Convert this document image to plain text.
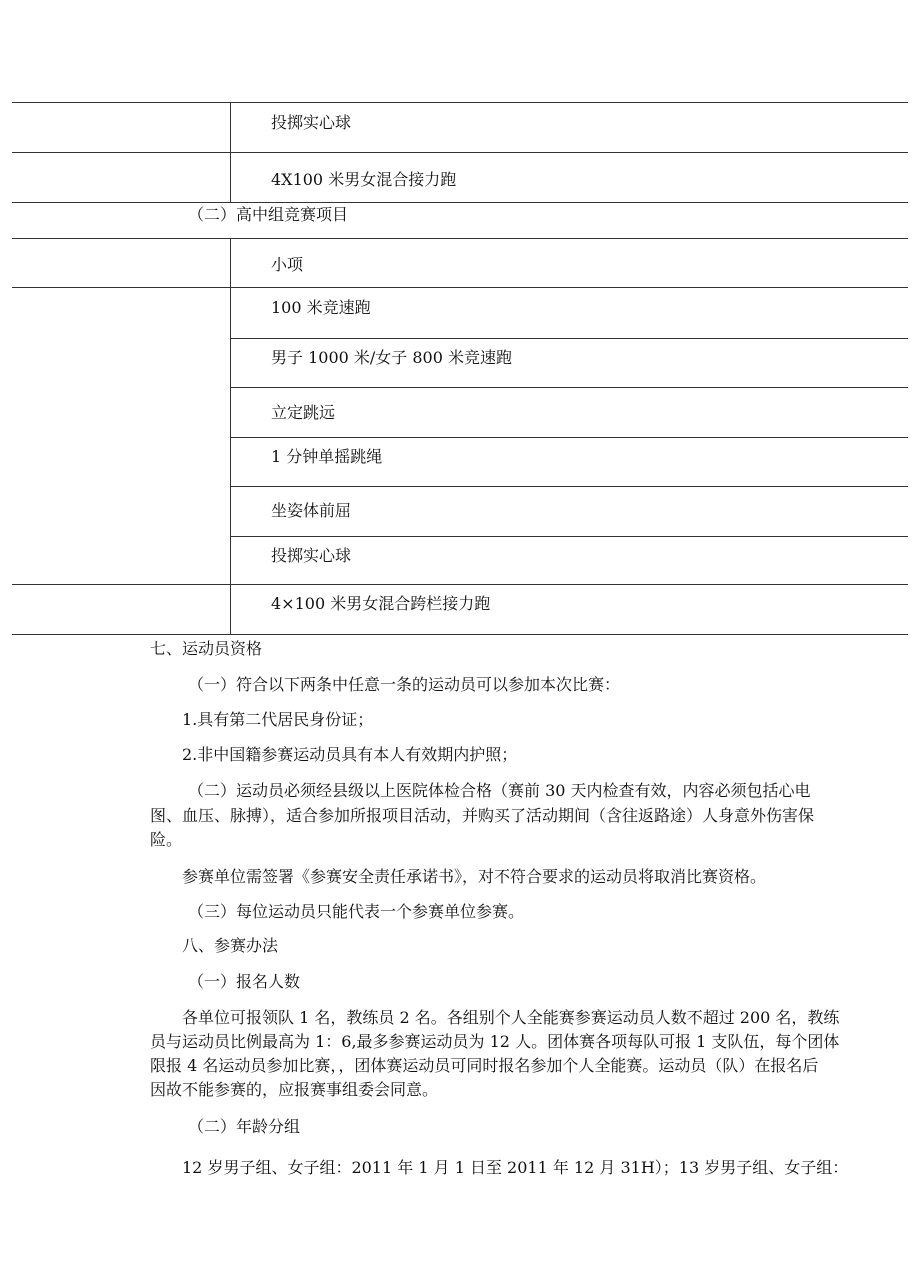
投掷实心球
4X100 米男女混合接力跑
（二）高中组竞赛项目
小项
100 米竞速跑
男子 1000 米/女子 800 米竞速跑
立定跳远
1 分钟单摇跳绳
坐姿体前屈
投掷实心球
4×100 米男女混合跨栏接力跑
七、运动员资格
（一）符合以下两条中任意一条的运动员可以参加本次比赛：
1.具有第二代居民身份证；
2.非中国籍参赛运动员具有本人有效期内护照；
（二）运动员必须经县级以上医院体检合格（赛前 30 天内检查有效，内容必须包括心电
图、血压、脉搏），适合参加所报项目活动，并购买了活动期间（含往返路途）人身意外伤害保
险。
参赛单位需签署《参赛安全责任承诺书》，对不符合要求的运动员将取消比赛资格。
（三）每位运动员只能代表一个参赛单位参赛。
八、参赛办法
（一）报名人数
各单位可报领队 1 名，教练员 2 名。各组别个人全能赛参赛运动员人数不超过 200 名，教练
员与运动员比例最高为 1：6,最多参赛运动员为 12 人。团体赛各项每队可报 1 支队伍，每个团体
限报 4 名运动员参加比赛，，团体赛运动员可同时报名参加个人全能赛。运动员（队）在报名后
因故不能参赛的，应报赛事组委会同意。
（二）年龄分组
12 岁男子组、女子组：2011 年 1 月 1 日至 2011 年 12 月 31H）；13 岁男子组、女子组：
